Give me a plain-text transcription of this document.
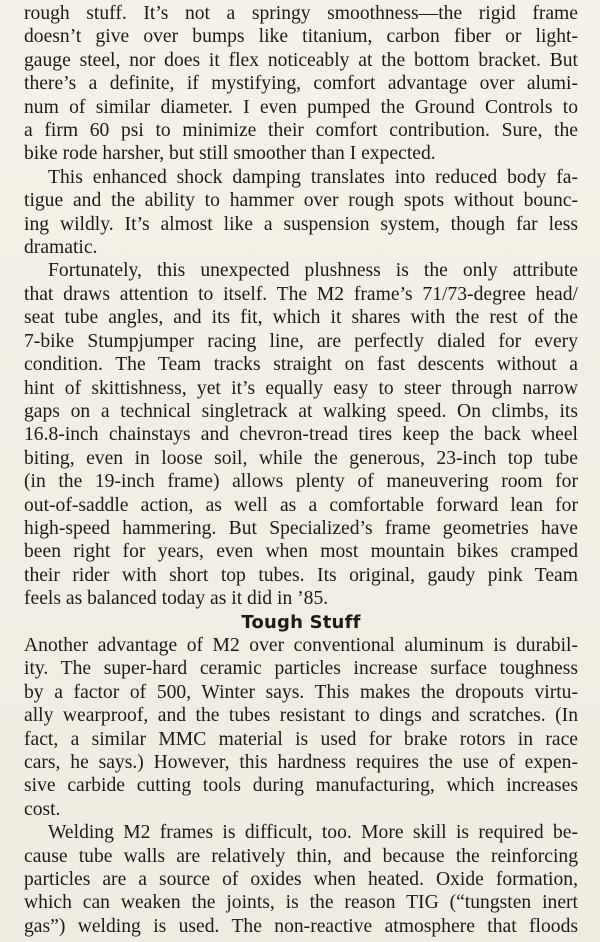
rough stuff. It’s not a springy smoothness—the rigid frame
doesn’t give over bumps like titanium, carbon fiber or light-
gauge steel, nor does it flex noticeably at the bottom bracket. But
there’s a definite, if mystifying, comfort advantage over alumi-
num of similar diameter. I even pumped the Ground Controls to
a firm 60 psi to minimize their comfort contribution. Sure, the
bike rode harsher, but still smoother than I expected.

This enhanced shock damping translates into reduced body fa-
tigue and the ability to hammer over rough spots without bounc-
ing wildly. It’s almost like a suspension system, though far less
dramatic.

Fortunately, this unexpected plushness is the only attribute
that draws attention to itself. The M2 frame’s 71/73-degree head/
seat tube angles, and its fit, which it shares with the rest of the
7-bike Stumpjumper racing line, are perfectly dialed for every
condition. The Team tracks straight on fast descents without a
hint of skittishness, yet it’s equally easy to steer through narrow
gaps on a technical singletrack at walking speed. On climbs, its
16.8-inch chainstays and chevron-tread tires keep the back wheel
biting, even in loose soil, while the generous, 23-inch top tube
(in the 19-inch frame) allows plenty of maneuvering room for
out-of-saddle action, as well as a comfortable forward lean for
high-speed hammering. But Specialized’s frame geometries have
been right for years, even when most mountain bikes cramped
their rider with short top tubes. Its original, gaudy pink Team
feels as balanced today as it did in ’85.

Tough Stuff

Another advantage of M2 over conventional aluminum is durabil-
ity. The super-hard ceramic particles increase surface toughness
by a factor of 500, Winter says. This makes the dropouts virtu-
ally wearproof, and the tubes resistant to dings and scratches. (In
fact, a similar MMC material is used for brake rotors in race
cars, he says.) However, this hardness requires the use of expen-
sive carbide cutting tools during manufacturing, which increases
cost.

Welding M2 frames is difficult, too. More skill is required be-
cause tube walls are relatively thin, and because the reinforcing
particles are a source of oxides when heated. Oxide formation,
which can weaken the joints, is the reason TIG (“tungsten inert
gas”) welding is used. The non-reactive atmosphere that floods
